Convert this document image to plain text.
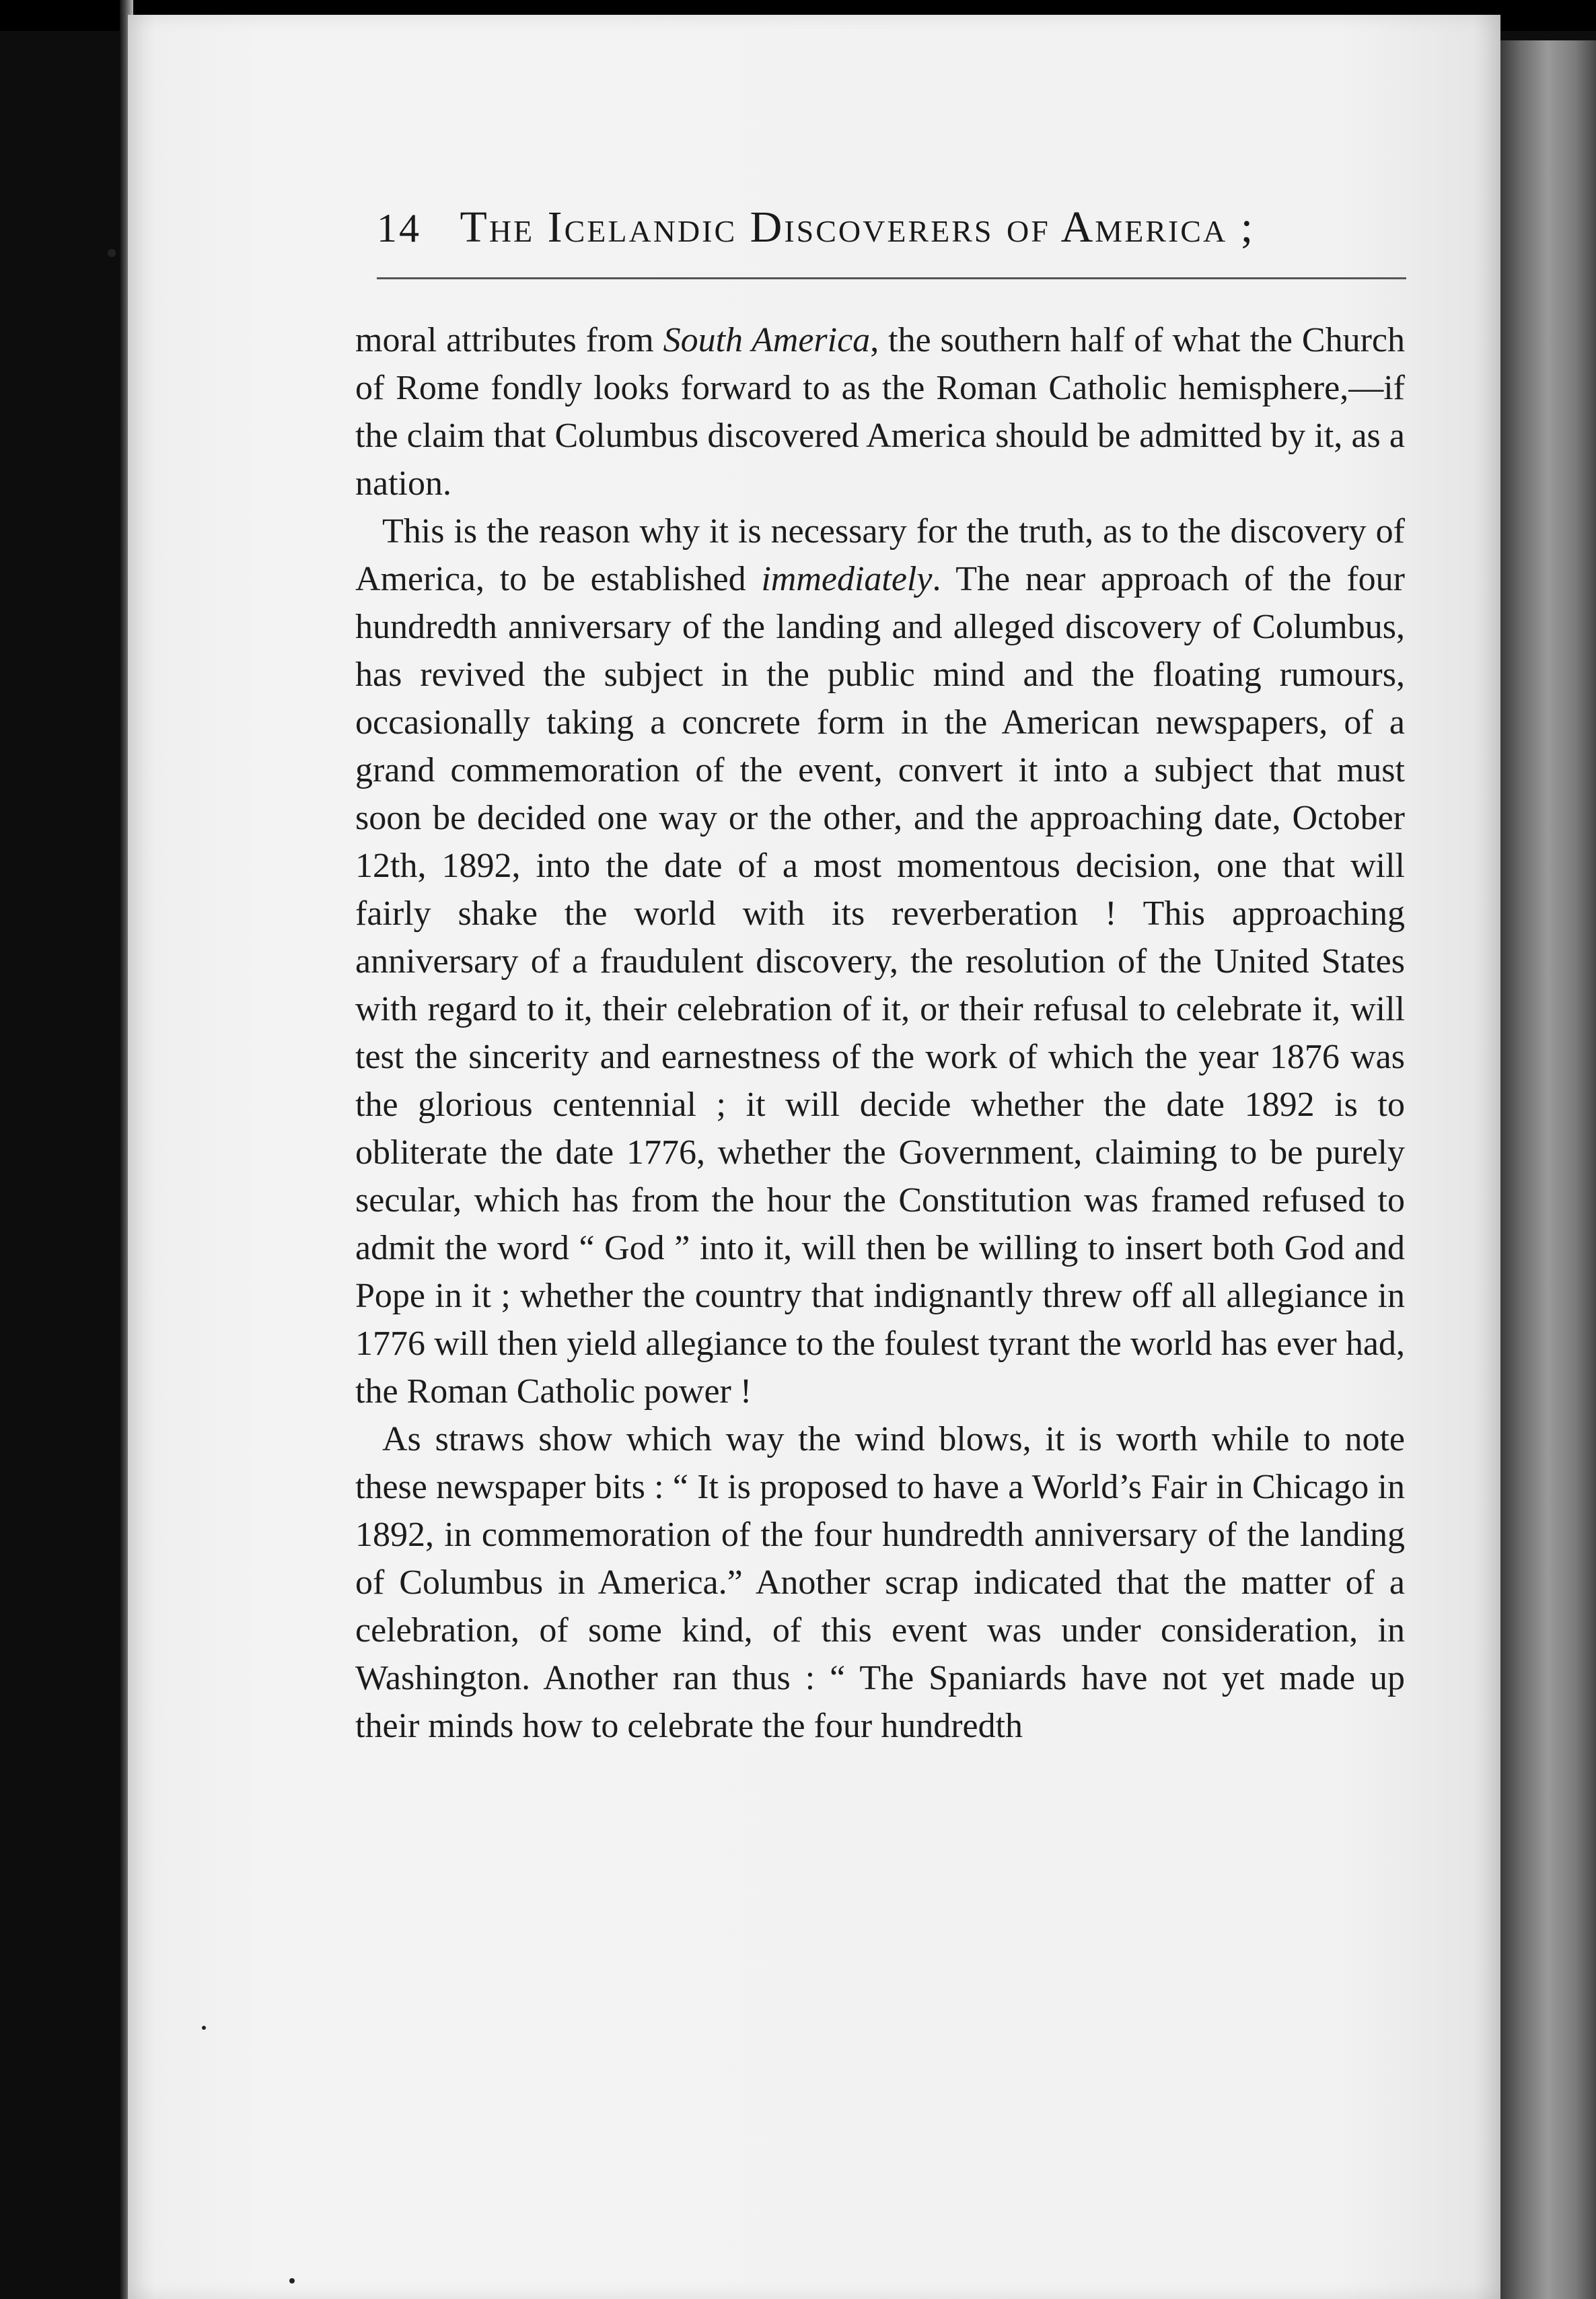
14 The Icelandic Discoverers of America ;

moral attributes from South America, the southern half of what the Church of Rome fondly looks forward to as the Roman Catholic hemisphere,—if the claim that Columbus discovered America should be admitted by it, as a nation.

This is the reason why it is necessary for the truth, as to the discovery of America, to be established immediately. The near approach of the four hundredth anniversary of the landing and alleged discovery of Columbus, has revived the subject in the public mind and the floating rumours, occasionally taking a concrete form in the American newspapers, of a grand commemoration of the event, convert it into a subject that must soon be decided one way or the other, and the approaching date, October 12th, 1892, into the date of a most momentous decision, one that will fairly shake the world with its reverberation ! This approaching anniversary of a fraudulent discovery, the resolution of the United States with regard to it, their celebration of it, or their refusal to celebrate it, will test the sincerity and earnestness of the work of which the year 1876 was the glorious centennial ; it will decide whether the date 1892 is to obliterate the date 1776, whether the Government, claiming to be purely secular, which has from the hour the Constitution was framed refused to admit the word “ God ” into it, will then be willing to insert both God and Pope in it ; whether the country that indignantly threw off all allegiance in 1776 will then yield allegiance to the foulest tyrant the world has ever had, the Roman Catholic power !

As straws show which way the wind blows, it is worth while to note these newspaper bits : “ It is proposed to have a World’s Fair in Chicago in 1892, in commemoration of the four hundredth anniversary of the landing of Columbus in America.” Another scrap indicated that the matter of a celebration, of some kind, of this event was under consideration, in Washington. Another ran thus : “ The Spaniards have not yet made up their minds how to celebrate the four hundredth
